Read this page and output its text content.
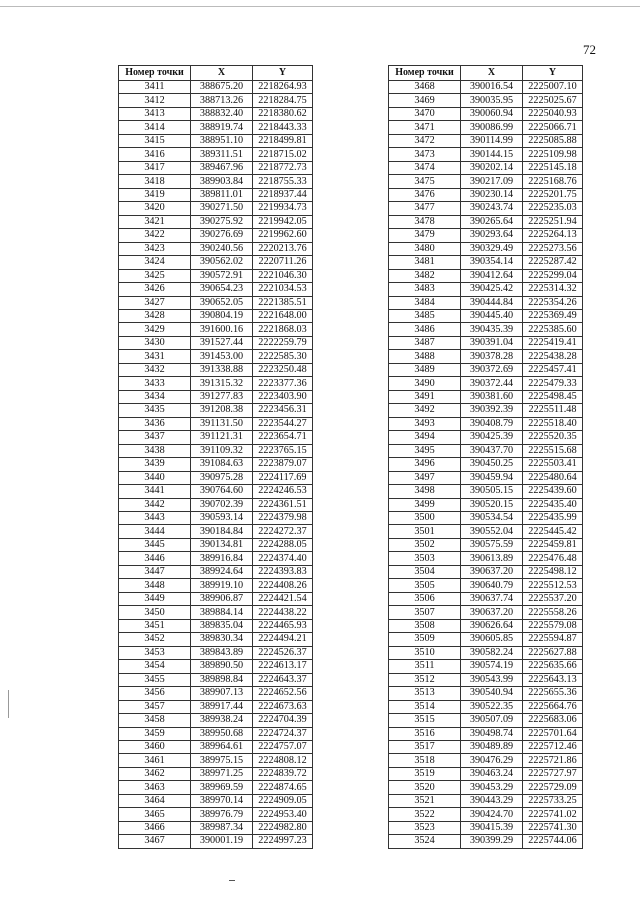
72
Номер точки	X	Y
3411	388675.20	2218264.93
3412	388713.26	2218284.75
3413	388832.40	2218380.62
3414	388919.74	2218443.33
3415	388951.10	2218499.81
3416	389311.51	2218715.02
3417	389467.96	2218772.73
3418	389903.84	2218755.33
3419	389811.01	2218937.44
3420	390271.50	2219934.73
3421	390275.92	2219942.05
3422	390276.69	2219962.60
3423	390240.56	2220213.76
3424	390562.02	2220711.26
3425	390572.91	2221046.30
3426	390654.23	2221034.53
3427	390652.05	2221385.51
3428	390804.19	2221648.00
3429	391600.16	2221868.03
3430	391527.44	2222259.79
3431	391453.00	2222585.30
3432	391338.88	2223250.48
3433	391315.32	2223377.36
3434	391277.83	2223403.90
3435	391208.38	2223456.31
3436	391131.50	2223544.27
3437	391121.31	2223654.71
3438	391109.32	2223765.15
3439	391084.63	2223879.07
3440	390975.28	2224117.69
3441	390764.60	2224246.53
3442	390702.39	2224361.51
3443	390593.14	2224379.98
3444	390184.84	2224272.37
3445	390134.81	2224288.05
3446	389916.84	2224374.40
3447	389924.64	2224393.83
3448	389919.10	2224408.26
3449	389906.87	2224421.54
3450	389884.14	2224438.22
3451	389835.04	2224465.93
3452	389830.34	2224494.21
3453	389843.89	2224526.37
3454	389890.50	2224613.17
3455	389898.84	2224643.37
3456	389907.13	2224652.56
3457	389917.44	2224673.63
3458	389938.24	2224704.39
3459	389950.68	2224724.37
3460	389964.61	2224757.07
3461	389975.15	2224808.12
3462	389971.25	2224839.72
3463	389969.59	2224874.65
3464	389970.14	2224909.05
3465	389976.79	2224953.40
3466	389987.34	2224982.80
3467	390001.19	2224997.23
Номер точки	X	Y
3468	390016.54	2225007.10
3469	390035.95	2225025.67
3470	390060.94	2225040.93
3471	390086.99	2225066.71
3472	390114.99	2225085.88
3473	390144.15	2225109.98
3474	390202.14	2225145.18
3475	390217.09	2225168.76
3476	390230.14	2225201.75
3477	390243.74	2225235.03
3478	390265.64	2225251.94
3479	390293.64	2225264.13
3480	390329.49	2225273.56
3481	390354.14	2225287.42
3482	390412.64	2225299.04
3483	390425.42	2225314.32
3484	390444.84	2225354.26
3485	390445.40	2225369.49
3486	390435.39	2225385.60
3487	390391.04	2225419.41
3488	390378.28	2225438.28
3489	390372.69	2225457.41
3490	390372.44	2225479.33
3491	390381.60	2225498.45
3492	390392.39	2225511.48
3493	390408.79	2225518.40
3494	390425.39	2225520.35
3495	390437.70	2225515.68
3496	390450.25	2225503.41
3497	390459.94	2225480.64
3498	390505.15	2225439.60
3499	390520.15	2225435.40
3500	390534.54	2225435.99
3501	390552.04	2225445.42
3502	390575.59	2225459.81
3503	390613.89	2225476.48
3504	390637.20	2225498.12
3505	390640.79	2225512.53
3506	390637.74	2225537.20
3507	390637.20	2225558.26
3508	390626.64	2225579.08
3509	390605.85	2225594.87
3510	390582.24	2225627.88
3511	390574.19	2225635.66
3512	390543.99	2225643.13
3513	390540.94	2225655.36
3514	390522.35	2225664.76
3515	390507.09	2225683.06
3516	390498.74	2225701.64
3517	390489.89	2225712.46
3518	390476.29	2225721.86
3519	390463.24	2225727.97
3520	390453.29	2225729.09
3521	390443.29	2225733.25
3522	390424.70	2225741.02
3523	390415.39	2225741.30
3524	390399.29	2225744.06
